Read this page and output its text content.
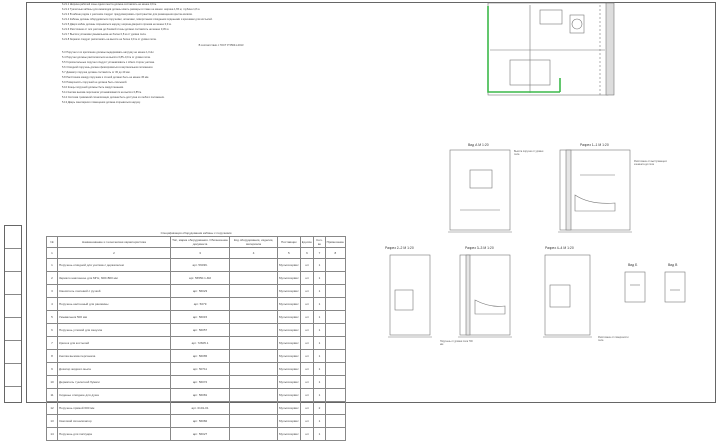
6.21.1 Ширина рабочей зоны одного места должна составлять не менее 0,9 м.

6.21.2 Туалетные кабины для инвалидов должны иметь размеры в плане не менее: ширина 1,65 м, глубина 1,8 м.

6.21.3 В кабине рядом с унитазом следует предусматривать пространство для размещения кресла-коляски.

6.21.4 Кабины должны оборудоваться поручнями, штангами, поворотными откидными сиденьями и крючками для костылей.

6.21.5 Двери кабин должны открываться наружу, ширина дверного проема не менее 0,9 м.

6.21.6 Расстояние от оси унитаза до боковой стены должно составлять не менее 0,45 м.

6.21.7 Высота установки умывальника не более 0,8 м от уровня пола.

6.21.8 Зеркало следует располагать на высоте не более 0,9 м от уровня пола.

В соответствии с ГОСТ Р 55641-2013

5.3 Поручни и их крепление должны выдерживать нагрузку не менее 1,0 кН.

5.4 Поручни должны располагаться на высоте 0,85–0,9 м от уровня пола.

5.5 Горизонтальные поручни следует устанавливать с обеих сторон унитаза.

5.6 Откидной поручень должен фиксироваться в вертикальном положении.

5.7 Диаметр поручня должен составлять от 30 до 40 мм.

5.8 Расстояние между поручнем и стеной должно быть не менее 45 мм.

5.9 Поверхность поручней не должна быть скользкой.

5.10 Концы поручней должны быть закругленными.

5.11 Кнопка вызова персонала устанавливается на высоте 0,85 м.

5.12 Система тревожной сигнализации должна быть доступна из любого положения.

5.13 Дверь санитарного помещения должна открываться наружу.

Спецификация оборудования кабины с поручнями							
№	Наименование и техническая характеристика	Тип, марка оборудования. Обозначение документа	Код оборудования, изделия, материала	Поставщик	Ед.изм.	Кол-во	Примечание
1	2	3	4	5	6	7	8
1	Поручень откидной для унитаза с держателем	арт. 56039.		Мультисервис	шт	1	
2	Зеркало наклонное для МГН, 600×800 мм	арт. 56550.1-М2		Мультисервис	шт	1	
3	Смеситель локтевой с ручкой	арт. 56023		Мультисервис	шт	1	
4	Поручень настенный для раковины	арт. 5079		Мультисервис	шт	1	
5	Умывальник 500 мм	арт. 56015		Мультисервис	шт	1	
6	Поручень угловой для санузла	арт. 56057		Мультисервис	шт	1	
7	Крючок для костылей	арт. 72605.1		Мультисервис	шт	1	
8	Кнопка вызова персонала	арт. 56065		Мультисервис	шт	1	
9	Дозатор жидкого мыла	арт. 50711		Мультисервис	шт	1	
10	Держатель туалетной бумаги	арт. 56072		Мультисервис	шт	1	
11	Сиденье откидное для душа	арт. 56081		Мультисервис	шт	1	
12	Поручень прямой 600 мм	арт. 0101-01		Мультисервис	шт	2	
13	Световой сигнализатор	арт. 56082		Мультисервис	шт	1	
14	Поручень для писсуара	арт. 56027		Мультисервис	шт	1	
Вид А М 1:20	Разрез 1–1 М 1:20
Разрез 2–2 М 1:20	Разрез 3–3 М 1:20	Разрез 4–4 М 1:20
Вид Б	Вид В
Высота поручня от уровня пола
Расстояние от выступающего элемента до пола
Поручень от уровня пола 700 мм
Расстояние от поверхности пола
